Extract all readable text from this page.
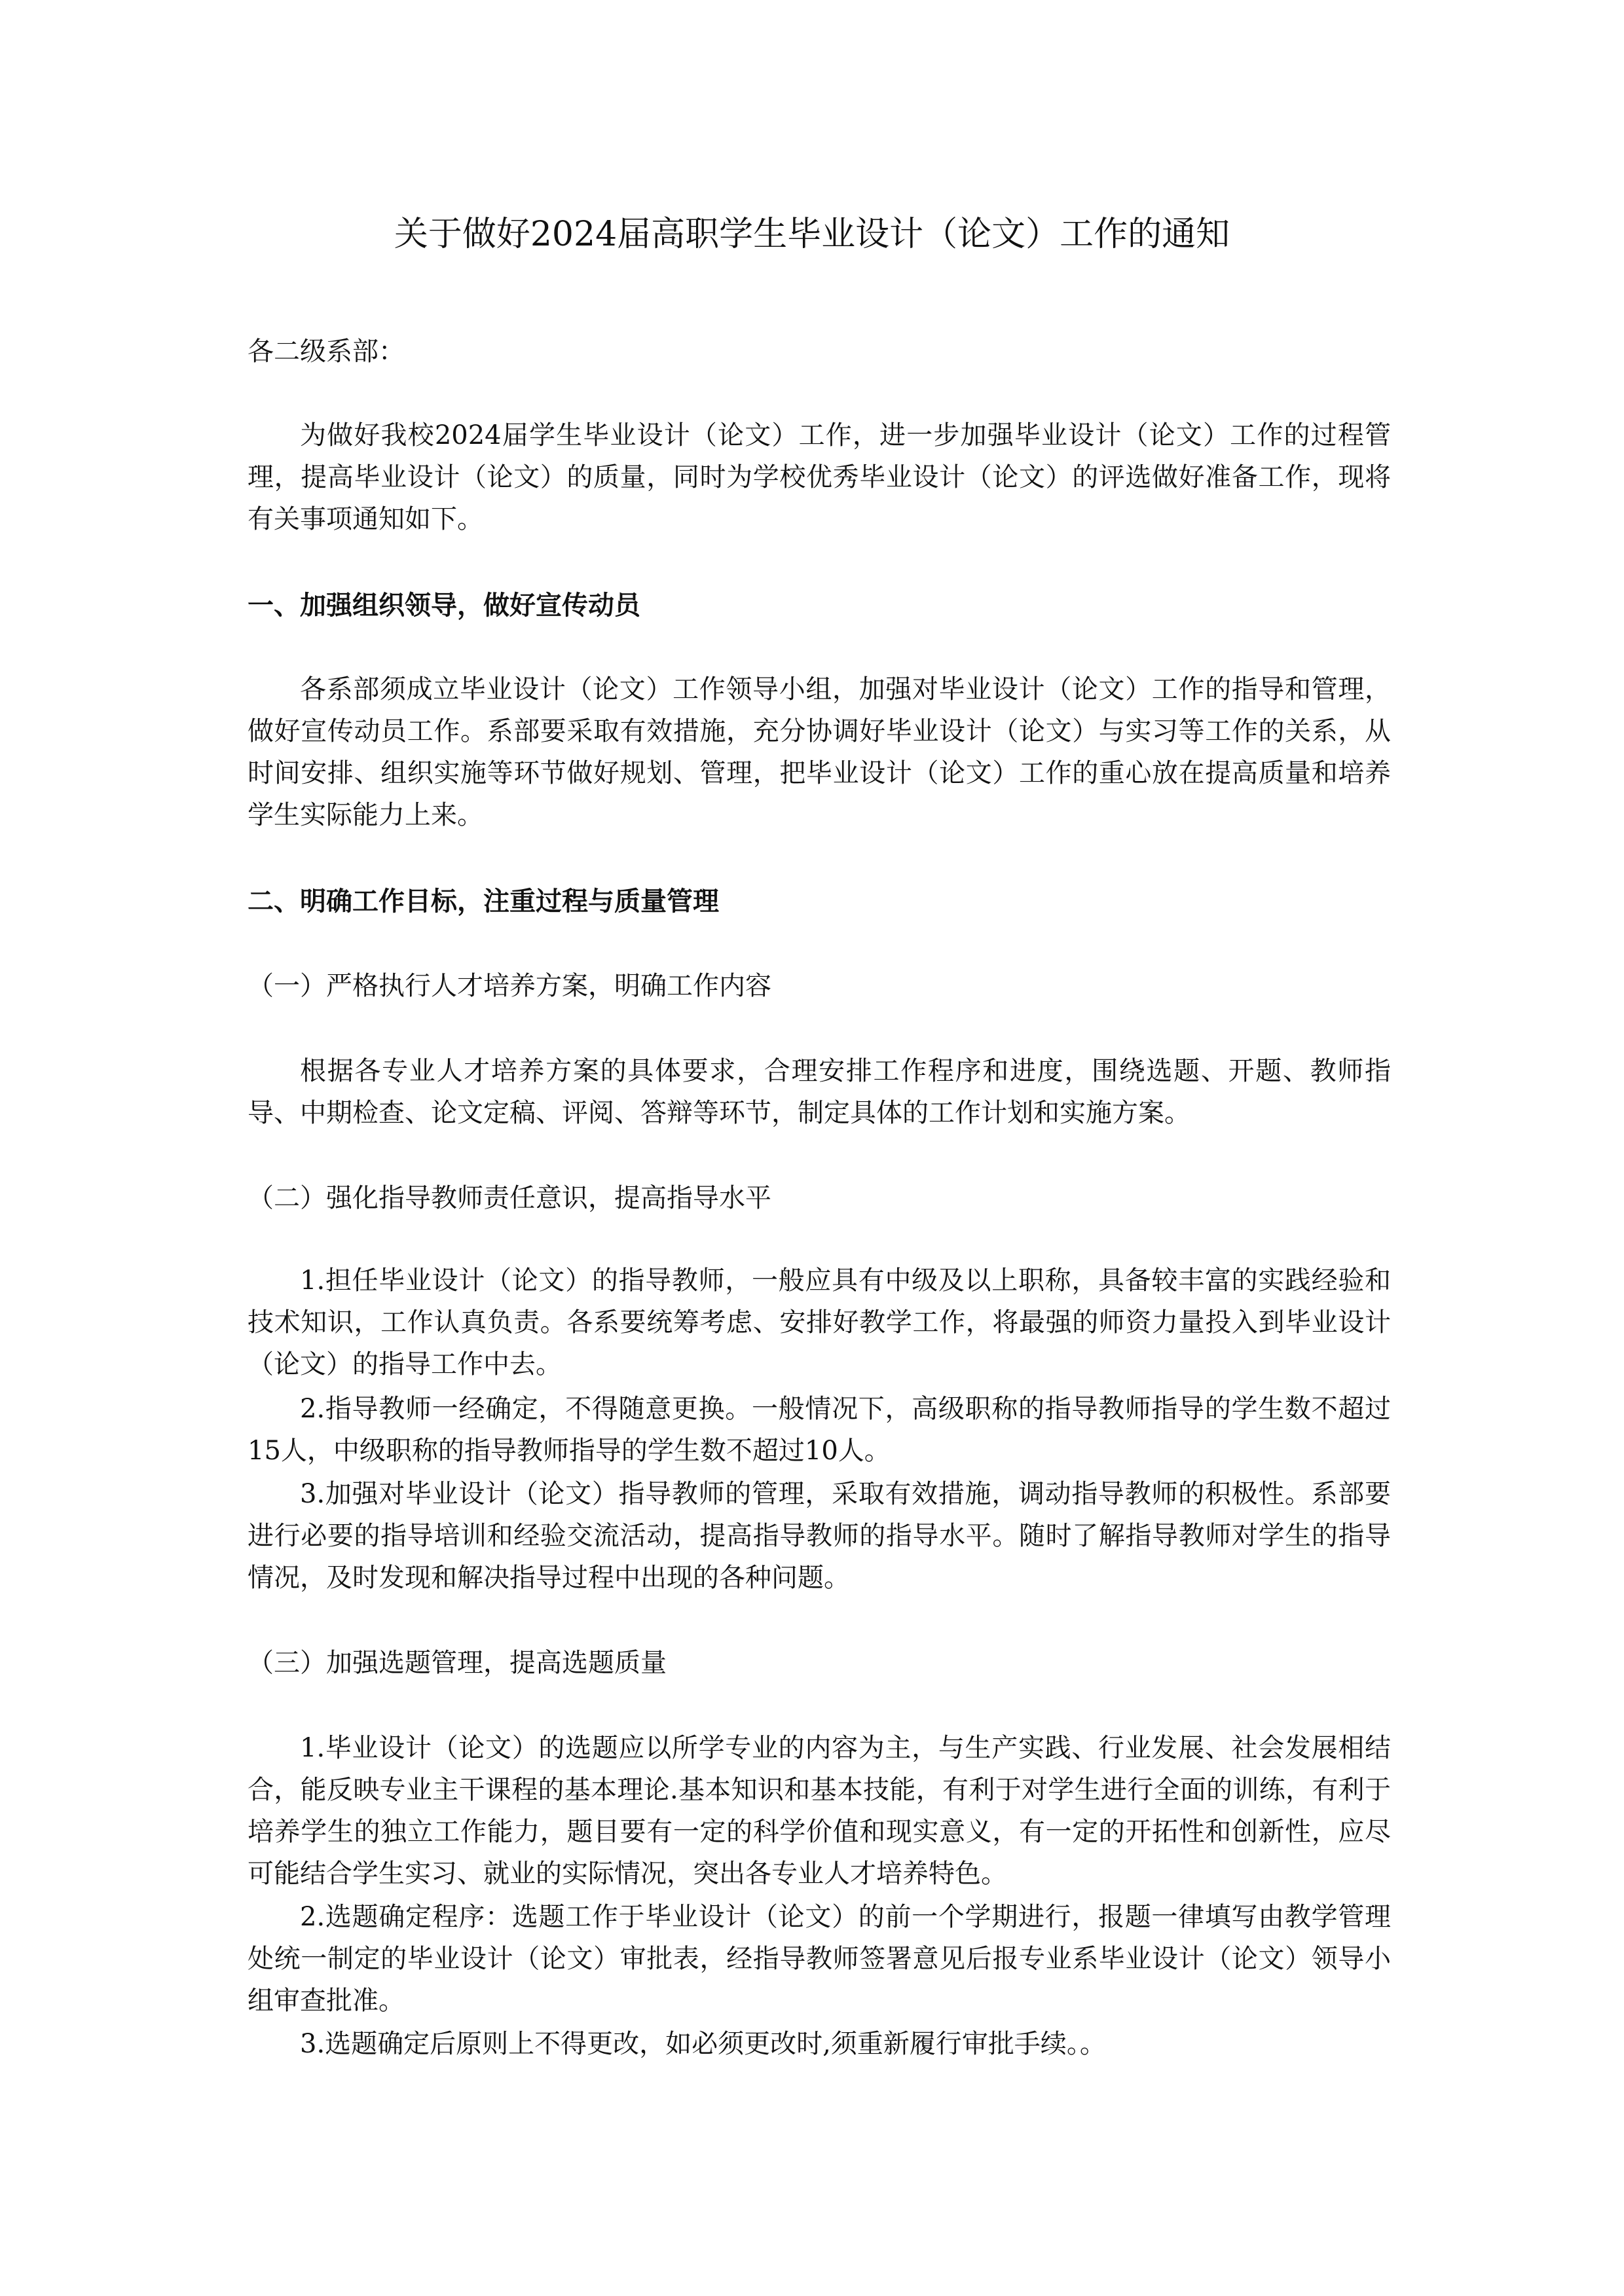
关于做好2024届高职学生毕业设计（论文）工作的通知

各二级系部：

为做好我校2024届学生毕业设计（论文）工作，进一步加强毕业设计（论文）工作的过程管理，提高毕业设计（论文）的质量，同时为学校优秀毕业设计（论文）的评选做好准备工作，现将有关事项通知如下。

一、加强组织领导，做好宣传动员

各系部须成立毕业设计（论文）工作领导小组，加强对毕业设计（论文）工作的指导和管理，做好宣传动员工作。系部要采取有效措施，充分协调好毕业设计（论文）与实习等工作的关系，从时间安排、组织实施等环节做好规划、管理，把毕业设计（论文）工作的重心放在提高质量和培养学生实际能力上来。

二、明确工作目标，注重过程与质量管理

（一）严格执行人才培养方案，明确工作内容

根据各专业人才培养方案的具体要求，合理安排工作程序和进度，围绕选题、开题、教师指导、中期检查、论文定稿、评阅、答辩等环节，制定具体的工作计划和实施方案。

（二）强化指导教师责任意识，提高指导水平

1.担任毕业设计（论文）的指导教师，一般应具有中级及以上职称，具备较丰富的实践经验和技术知识，工作认真负责。各系要统筹考虑、安排好教学工作，将最强的师资力量投入到毕业设计（论文）的指导工作中去。

2.指导教师一经确定，不得随意更换。一般情况下，高级职称的指导教师指导的学生数不超过15人，中级职称的指导教师指导的学生数不超过10人。

3.加强对毕业设计（论文）指导教师的管理，采取有效措施，调动指导教师的积极性。系部要进行必要的指导培训和经验交流活动，提高指导教师的指导水平。随时了解指导教师对学生的指导情况，及时发现和解决指导过程中出现的各种问题。

（三）加强选题管理，提高选题质量

1.毕业设计（论文）的选题应以所学专业的内容为主，与生产实践、行业发展、社会发展相结合，能反映专业主干课程的基本理论.基本知识和基本技能，有利于对学生进行全面的训练，有利于培养学生的独立工作能力，题目要有一定的科学价值和现实意义，有一定的开拓性和创新性，应尽可能结合学生实习、就业的实际情况，突出各专业人才培养特色。

2.选题确定程序：选题工作于毕业设计（论文）的前一个学期进行，报题一律填写由教学管理处统一制定的毕业设计（论文）审批表，经指导教师签署意见后报专业系毕业设计（论文）领导小组审查批准。

3.选题确定后原则上不得更改，如必须更改时,须重新履行审批手续。。
